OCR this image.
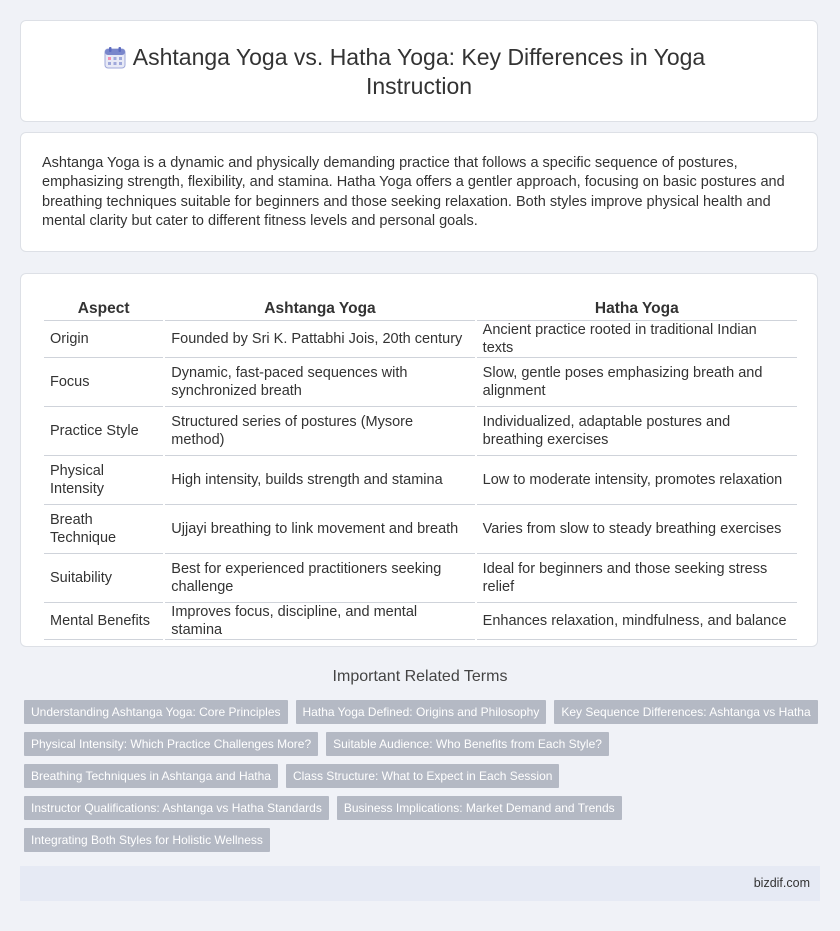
Ashtanga Yoga vs. Hatha Yoga: Key Differences in Yoga
Instruction

Ashtanga Yoga is a dynamic and physically demanding practice that follows a specific sequence of postures, emphasizing strength, flexibility, and stamina. Hatha Yoga offers a gentler approach, focusing on basic postures and breathing techniques suitable for beginners and those seeking relaxation. Both styles improve physical health and mental clarity but cater to different fitness levels and personal goals.

Aspect	Ashtanga Yoga	Hatha Yoga
Origin	Founded by Sri K. Pattabhi Jois, 20th century	Ancient practice rooted in traditional Indian texts
Focus	Dynamic, fast-paced sequences with synchronized breath	Slow, gentle poses emphasizing breath and alignment
Practice Style	Structured series of postures (Mysore method)	Individualized, adaptable postures and breathing exercises
Physical Intensity	High intensity, builds strength and stamina	Low to moderate intensity, promotes relaxation
Breath Technique	Ujjayi breathing to link movement and breath	Varies from slow to steady breathing exercises
Suitability	Best for experienced practitioners seeking challenge	Ideal for beginners and those seeking stress relief
Mental Benefits	Improves focus, discipline, and mental stamina	Enhances relaxation, mindfulness, and balance
Important Related Terms
Understanding Ashtanga Yoga: Core Principles	Hatha Yoga Defined: Origins and Philosophy	Key Sequence Differences: Ashtanga vs Hatha
Physical Intensity: Which Practice Challenges More?	Suitable Audience: Who Benefits from Each Style?
Breathing Techniques in Ashtanga and Hatha	Class Structure: What to Expect in Each Session
Instructor Qualifications: Ashtanga vs Hatha Standards	Business Implications: Market Demand and Trends
Integrating Both Styles for Holistic Wellness
bizdif.com
